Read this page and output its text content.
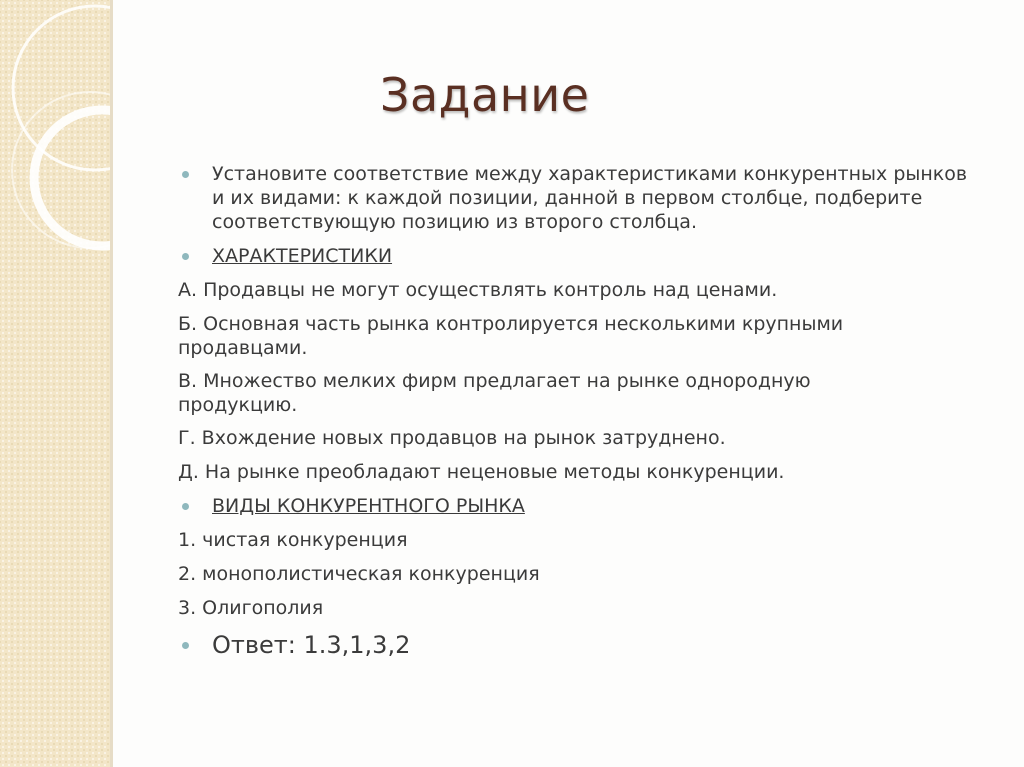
Задание
Установите соответствие между характеристиками конкурентных рынков и их видами: к каждой позиции, данной в первом столбце, подберите соответствующую позицию из второго столбца.
ХАРАКТЕРИСТИКИ
А. Продавцы не могут осуществлять контроль над ценами.
Б. Основная часть рынка контролируется несколькими крупными продавцами.
В. Множество мелких фирм предлагает на рынке однородную продукцию.
Г. Вхождение новых продавцов на рынок затруднено.
Д. На рынке преобладают неценовые методы конкуренции.
ВИДЫ КОНКУРЕНТНОГО РЫНКА
1. чистая конкуренция
2. монополистическая конкуренция
3. Олигополия
Ответ: 1.3,1,3,2
